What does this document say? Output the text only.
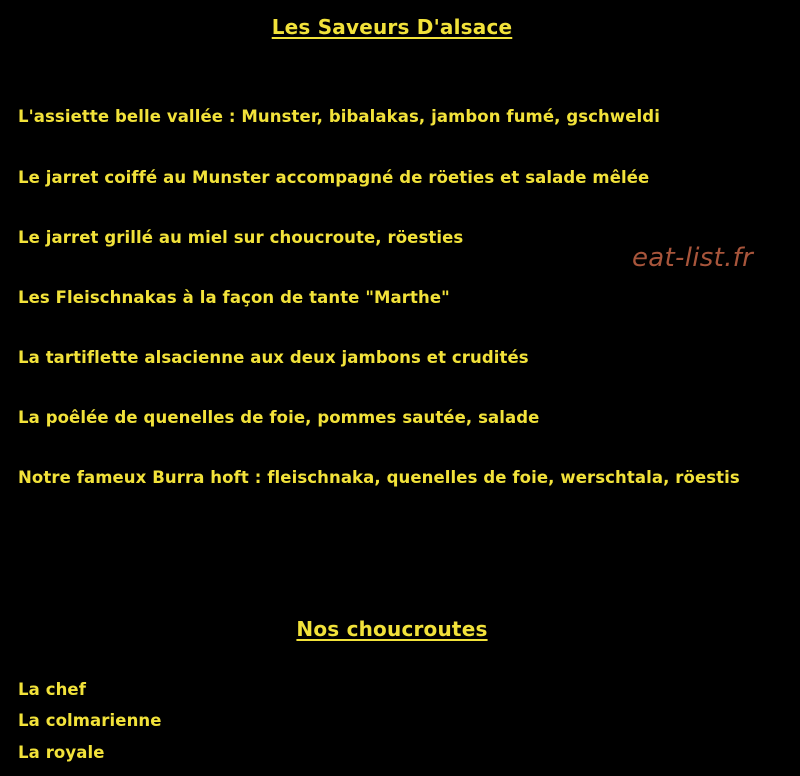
Les Saveurs D'alsace
L'assiette belle vallée : Munster, bibalakas, jambon fumé, gschweldi
Le jarret coiffé au Munster accompagné de röeties et salade mêlée
Le jarret grillé au miel sur choucroute, röesties
Les Fleischnakas à la façon de tante "Marthe"
La tartiflette alsacienne aux deux jambons et crudités
La poêlée de quenelles de foie, pommes sautée, salade
Notre fameux Burra hoft : fleischnaka, quenelles de foie, werschtala, röestis
Nos choucroutes
La chef
La colmarienne
La royale
eat-list.fr
